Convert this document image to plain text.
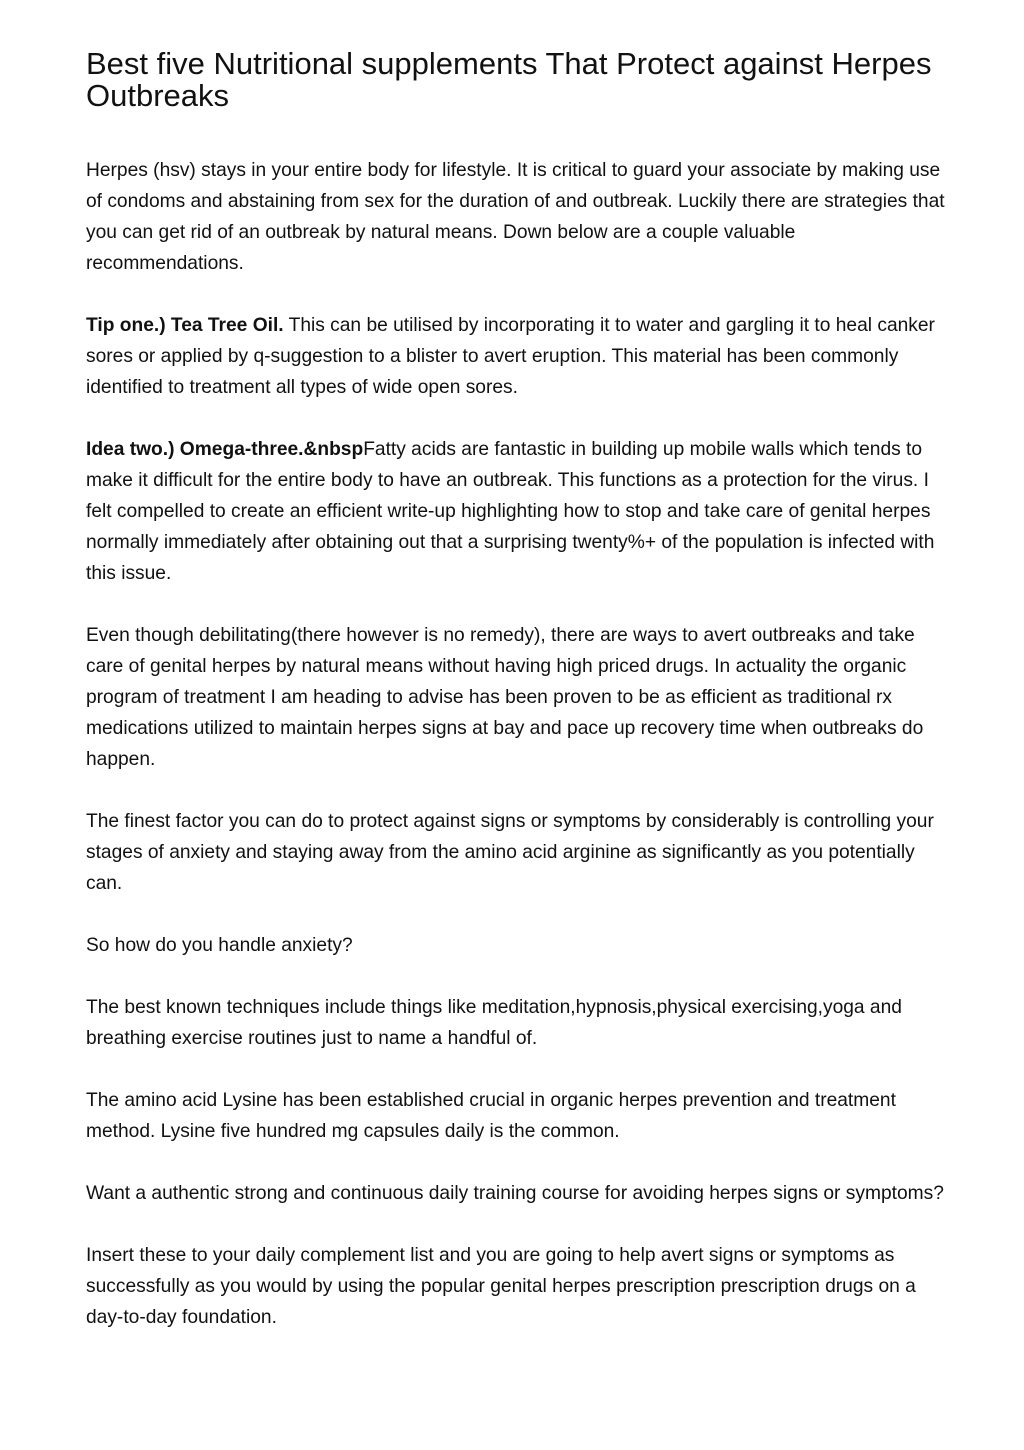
Best five Nutritional supplements That Protect against Herpes Outbreaks

Herpes (hsv) stays in your entire body for lifestyle. It is critical to guard your associate by making use of condoms and abstaining from sex for the duration of and outbreak. Luckily there are strategies that you can get rid of an outbreak by natural means. Down below are a couple valuable recommendations.

Tip one.) Tea Tree Oil. This can be utilised by incorporating it to water and gargling it to heal canker sores or applied by q-suggestion to a blister to avert eruption. This material has been commonly identified to treatment all types of wide open sores.

Idea two.) Omega-three.&nbspFatty acids are fantastic in building up mobile walls which tends to make it difficult for the entire body to have an outbreak. This functions as a protection for the virus. I felt compelled to create an efficient write-up highlighting how to stop and take care of genital herpes normally immediately after obtaining out that a surprising twenty%+ of the population is infected with this issue.

Even though debilitating(there however is no remedy), there are ways to avert outbreaks and take care of genital herpes by natural means without having high priced drugs. In actuality the organic program of treatment I am heading to advise has been proven to be as efficient as traditional rx medications utilized to maintain herpes signs at bay and pace up recovery time when outbreaks do happen.

The finest factor you can do to protect against signs or symptoms by considerably is controlling your stages of anxiety and staying away from the amino acid arginine as significantly as you potentially can.

So how do you handle anxiety?

The best known techniques include things like meditation,hypnosis,physical exercising,yoga and breathing exercise routines just to name a handful of.

The amino acid Lysine has been established crucial in organic herpes prevention and treatment method. Lysine five hundred mg capsules daily is the common.

Want a authentic strong and continuous daily training course for avoiding herpes signs or symptoms?

Insert these to your daily complement list and you are going to help avert signs or symptoms as successfully as you would by using the popular genital herpes prescription prescription drugs on a day-to-day foundation.
